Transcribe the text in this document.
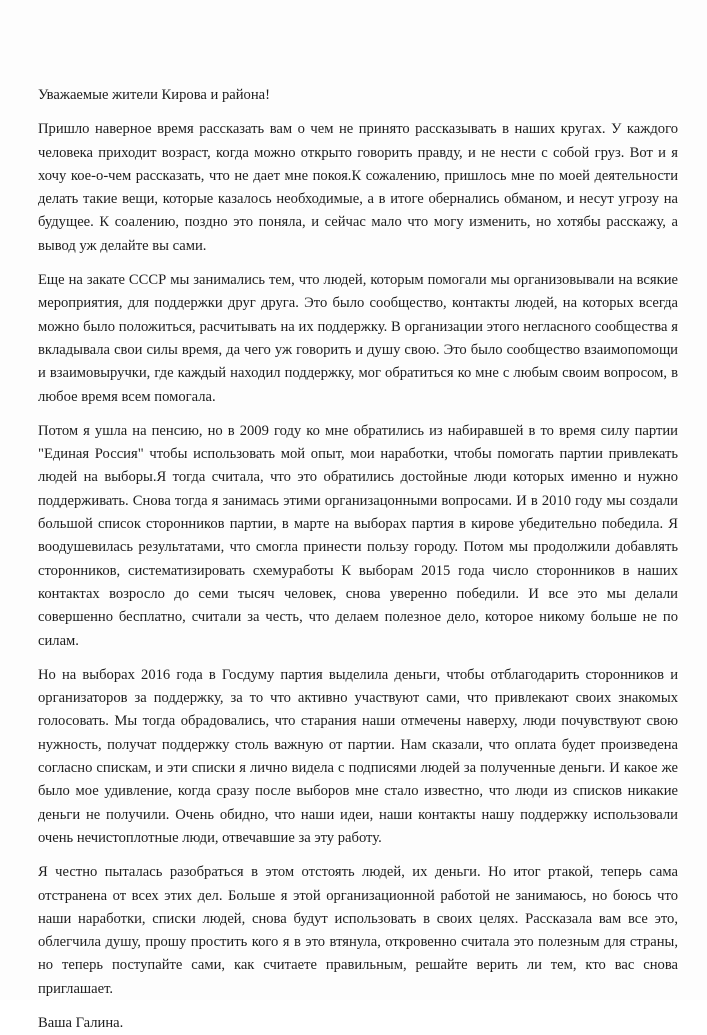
Уважаемые жители Кирова и района!

Пришло наверное время рассказать вам о чем не принято рассказывать в наших кругах. У каждого человека приходит возраст, когда можно открыто говорить правду, и не нести с собой груз. Вот и я хочу кое-о-чем рассказать, что не дает мне покоя.К сожалению, пришлось мне по моей деятельности делать такие вещи, которые казалось необходимые, а в итоге обернались обманом, и несут угрозу на будущее. К соалению, поздно это поняла, и сейчас мало что могу изменить, но хотябы расскажу, а вывод уж делайте вы сами.

Еще на закате СССР мы занимались тем, что людей, которым помогали мы организовывали на всякие мероприятия, для поддержки друг друга. Это было сообщество, контакты людей, на которых всегда можно было положиться, расчитывать на их поддержку. В организации этого негласного сообщества я вкладывала свои силы время, да чего уж говорить и душу свою. Это было сообщество взаимопомощи и взаимовыручки, где каждый находил поддержку, мог обратиться ко мне с любым своим вопросом, в любое время всем помогала.

Потом я ушла на пенсию, но в 2009 году ко мне обратились из набиравшей в то время силу партии "Единая Россия" чтобы использовать мой опыт, мои наработки, чтобы помогать партии привлекать людей на выборы.Я тогда считала, что это обратились достойные люди которых именно и нужно поддерживать. Снова тогда я занимась этими организацонными вопросами. И в 2010 году мы создали большой список сторонников партии, в марте на выборах партия в кирове убедительно победила. Я воодушевилась результатами, что смогла принести пользу городу. Потом мы продолжили добавлять сторонников, систематизировать схемуработы К выборам 2015 года число сторонников в наших контактах возросло до семи тысяч человек, снова уверенно победили. И все это мы делали совершенно бесплатно, считали за честь, что делаем полезное дело, которое никому больше не по силам.

Но на выборах 2016 года в Госдуму партия выделила деньги, чтобы отблагодарить сторонников и организаторов за поддержку, за то что активно участвуют сами, что привлекают своих знакомых голосовать. Мы тогда обрадовались, что старания наши отмечены наверху, люди почувствуют свою нужность, получат поддержку столь важную от партии. Нам сказали, что оплата будет произведена согласно спискам, и эти списки я лично видела с подписями людей за полученные деньги. И какое же было мое удивление, когда сразу после выборов мне стало известно, что люди из списков никакие деньги не получили. Очень обидно, что наши идеи, наши контакты нашу поддержку использовали очень нечистоплотные люди, отвечавшие за эту работу.

Я честно пыталась разобраться в этом отстоять людей, их деньги. Но итог ртакой, теперь сама отстранена от всех этих дел. Больше я этой организационной работой не занимаюсь, но боюсь что наши наработки, списки людей, снова будут использовать в своих целях. Рассказала вам все это, облегчила душу, прошу простить кого я в это втянула, откровенно считала это полезным для страны, но теперь поступайте сами, как считаете правильным, решайте верить ли тем, кто вас снова приглашает.

Ваша Галина.
